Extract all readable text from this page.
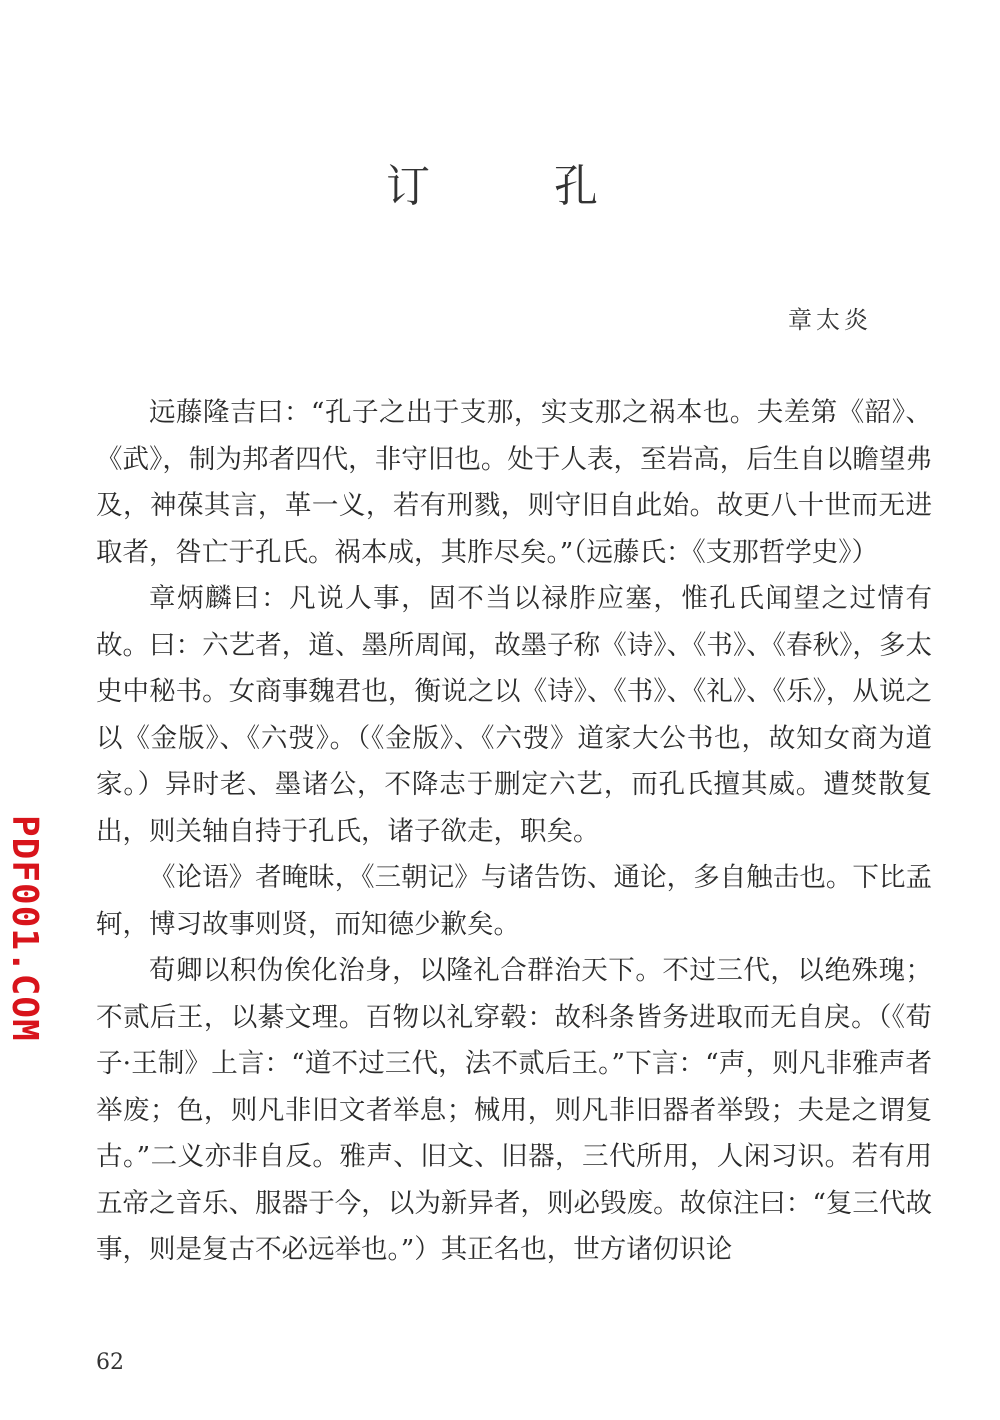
订　孔
章太炎

远藤隆吉曰：“孔子之出于支那，实支那之祸本也。夫差第《韶》、《武》，制为邦者四代，非守旧也。处于人表，至岩高，后生自以瞻望弗及，神葆其言，革一义，若有刑戮，则守旧自此始。故更八十世而无进取者，咎亡于孔氏。祸本成，其胙尽矣。”（远藤氏：《支那哲学史》）

章炳麟曰：凡说人事，固不当以禄胙应塞，惟孔氏闻望之过情有故。曰：六艺者，道、墨所周闻，故墨子称《诗》、《书》、《春秋》，多太史中秘书。女商事魏君也，衡说之以《诗》、《书》、《礼》、《乐》，从说之以《金版》、《六弢》。（《金版》、《六弢》道家大公书也，故知女商为道家。）异时老、墨诸公，不降志于删定六艺，而孔氏擅其威。遭焚散复出，则关轴自持于孔氏，诸子欲走，职矣。

《论语》者晻昧，《三朝记》与诸告饬、通论，多自触击也。下比孟轲，博习故事则贤，而知德少歉矣。

荀卿以积伪俟化治身，以隆礼合群治天下。不过三代，以绝殊瑰；不贰后王，以綦文理。百物以礼穿毂：故科条皆务进取而无自戾。（《荀子·王制》上言：“道不过三代，法不贰后王。”下言：“声，则凡非雅声者举废；色，则凡非旧文者举息；械用，则凡非旧器者举毁；夫是之谓复古。”二义亦非自反。雅声、旧文、旧器，三代所用，人闲习识。若有用五帝之音乐、服器于今，以为新异者，则必毁废。故倞注曰：“复三代故事，则是复古不必远举也。”）其正名也，世方诸仞识论

PDF001.COM
62
